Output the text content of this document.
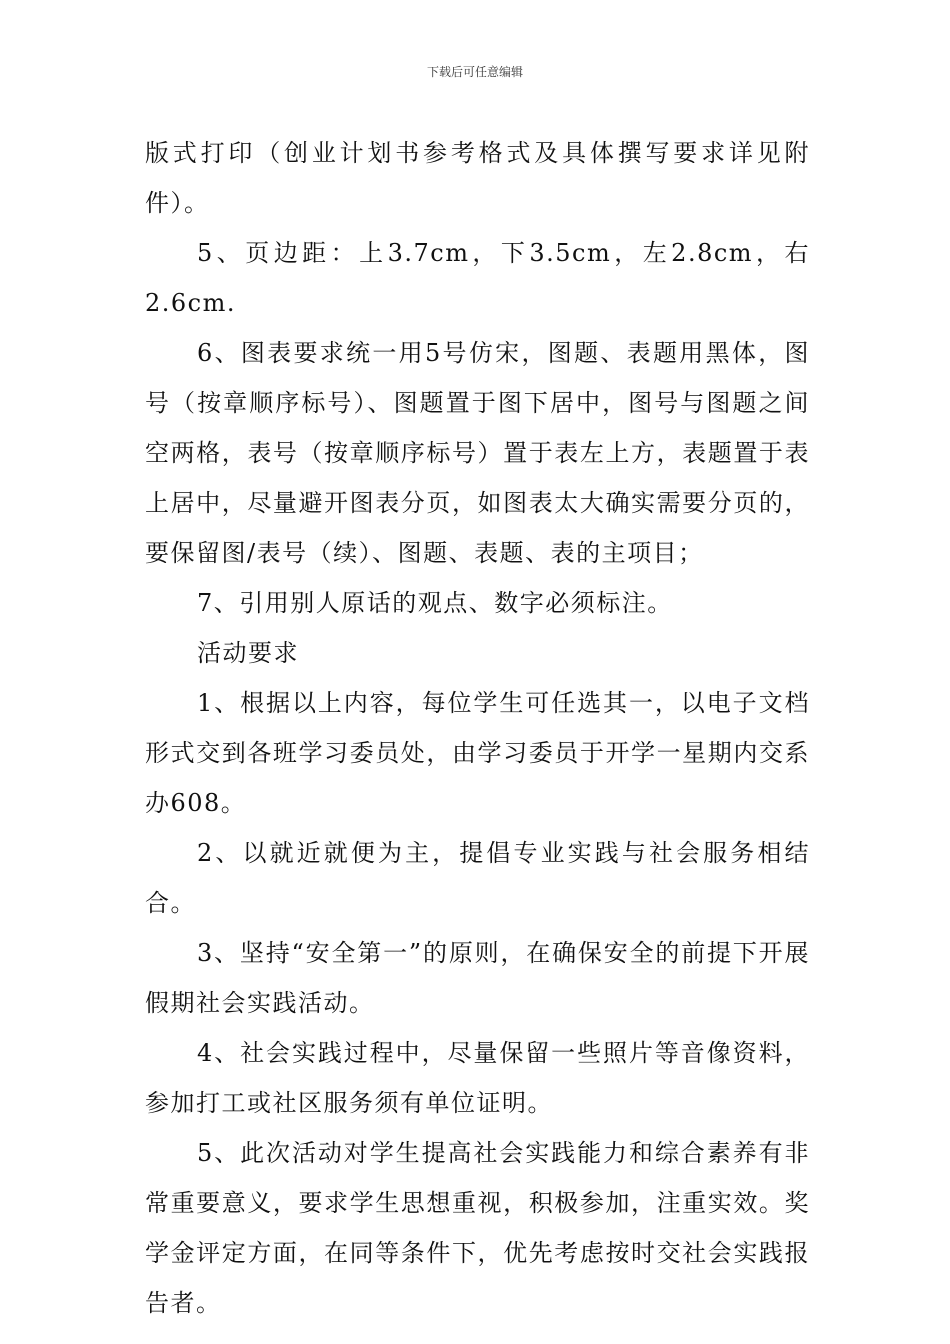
下载后可任意编辑

版式打印（创业计划书参考格式及具体撰写要求详见附件）。

5、页边距：上3.7cm，下3.5cm，左2.8cm，右2.6cm.

6、图表要求统一用5号仿宋，图题、表题用黑体，图号（按章顺序标号）、图题置于图下居中，图号与图题之间空两格，表号（按章顺序标号）置于表左上方，表题置于表上居中，尽量避开图表分页，如图表太大确实需要分页的，要保留图/表号（续）、图题、表题、表的主项目；

7、引用别人原话的观点、数字必须标注。

活动要求

1、根据以上内容，每位学生可任选其一，以电子文档形式交到各班学习委员处，由学习委员于开学一星期内交系办608。

2、以就近就便为主，提倡专业实践与社会服务相结合。

3、坚持“安全第一”的原则，在确保安全的前提下开展假期社会实践活动。

4、社会实践过程中，尽量保留一些照片等音像资料，参加打工或社区服务须有单位证明。

5、此次活动对学生提高社会实践能力和综合素养有非常重要意义，要求学生思想重视，积极参加，注重实效。奖学金评定方面，在同等条件下，优先考虑按时交社会实践报告者。
